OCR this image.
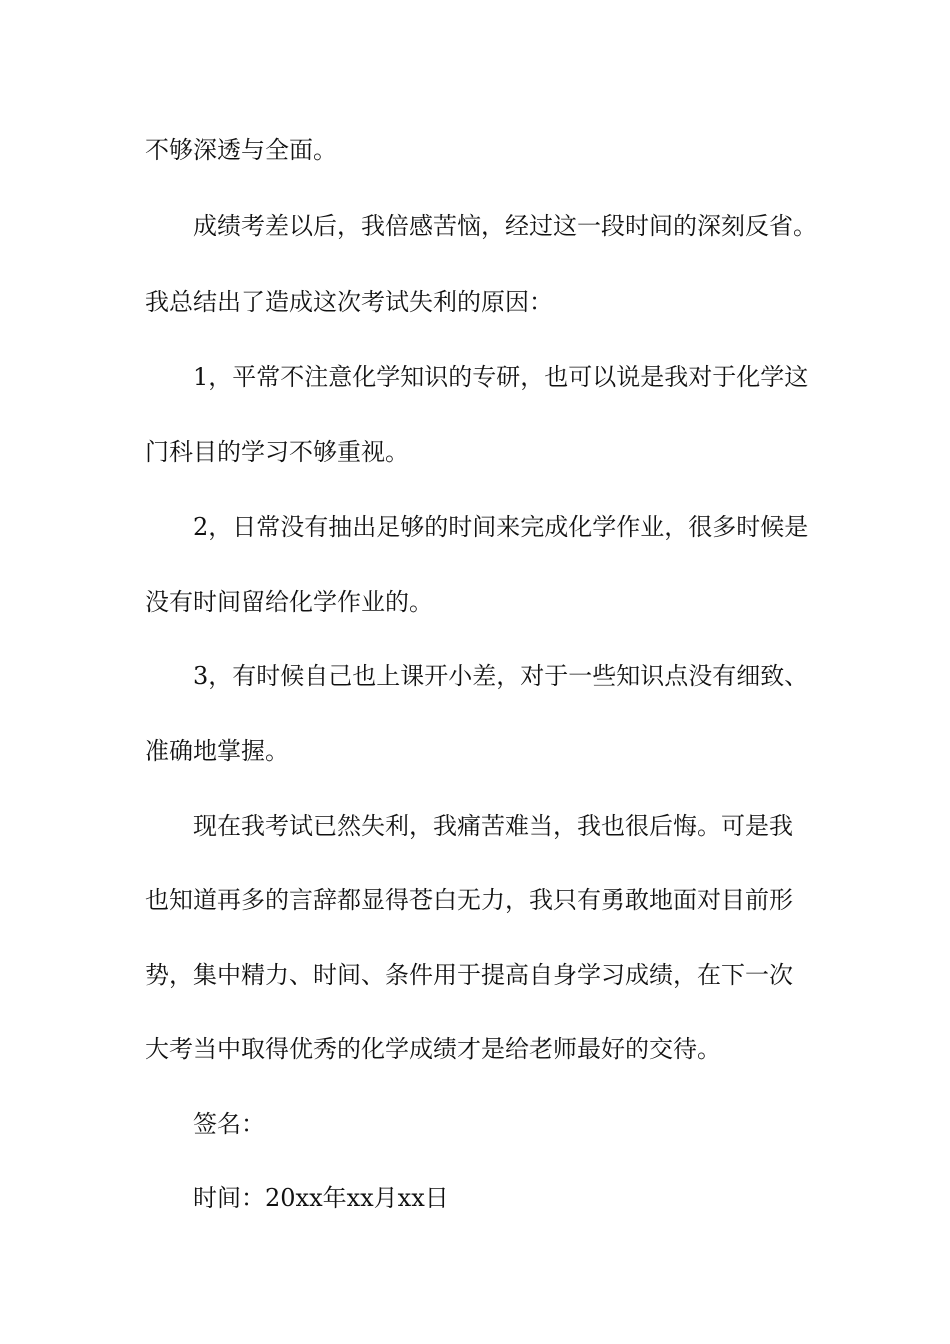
不够深透与全面。

成绩考差以后，我倍感苦恼，经过这一段时间的深刻反省。

我总结出了造成这次考试失利的原因：

1，平常不注意化学知识的专研，也可以说是我对于化学这

门科目的学习不够重视。

2，日常没有抽出足够的时间来完成化学作业，很多时候是

没有时间留给化学作业的。

3，有时候自己也上课开小差，对于一些知识点没有细致、

准确地掌握。

现在我考试已然失利，我痛苦难当，我也很后悔。可是我

也知道再多的言辞都显得苍白无力，我只有勇敢地面对目前形

势，集中精力、时间、条件用于提高自身学习成绩，在下一次

大考当中取得优秀的化学成绩才是给老师最好的交待。

签名：

时间：20xx年xx月xx日
